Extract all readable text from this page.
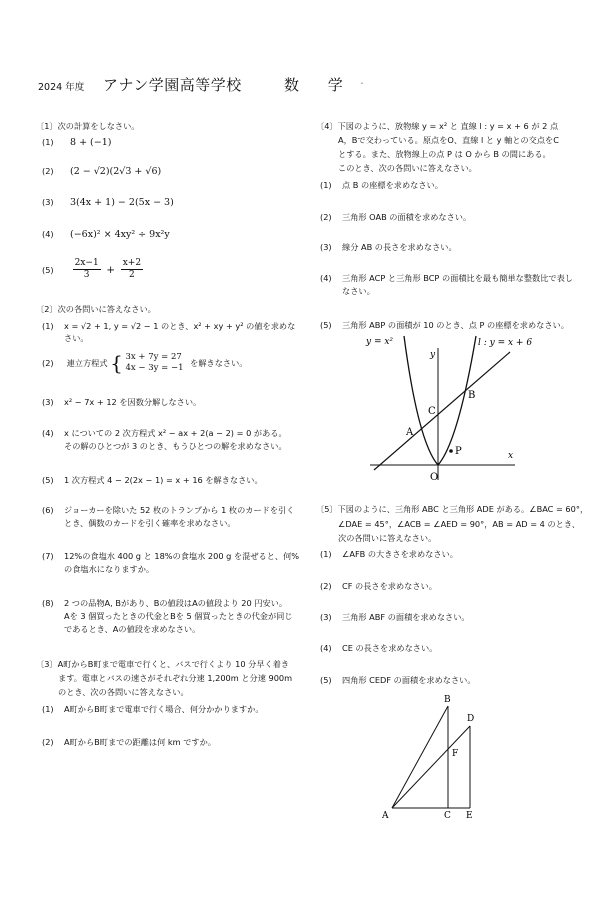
2024 年度 アナン学園高等学校	数 学 ・
〔1〕次の計算をしなさい。
(1) 8 + (−1)
(2) (2 − √2)(2√3 + √6)
(3) 3(4x + 1) − 2(5x − 3)
(4) (−6x)² × 4xy² ÷ 9x²y
$(5) \frac{2x-1}{3} + \frac{x+2}{2}$
〔2〕次の各問いに答えなさい。
(1) x = √2 + 1, y = √2 − 1 のとき、x² + xy + y² の値を求めな
さい。
(2) 連立方程式 { 3x + 7y = 27
4x − 3y = −1 を解きなさい。
(3) x² − 7x + 12 を因数分解しなさい。
(4) x についての 2 次方程式 x² − ax + 2(a − 2) = 0 がある。
その解のひとつが 3 のとき、もうひとつの解を求めなさい。
(5) 1 次方程式 4 − 2(2x − 1) = x + 16 を解きなさい。
(6) ジョーカーを除いた 52 枚のトランプから 1 枚のカードを引く
とき、偶数のカードを引く確率を求めなさい。
(7) 12%の食塩水 400 g と 18%の食塩水 200 g を混ぜると、何%
の食塩水になりますか。
(8) 2 つの品物A, Bがあり、Bの値段はAの値段より 20 円安い。
Aを 3 個買ったときの代金とBを 5 個買ったときの代金が同じ
であるとき、Aの値段を求めなさい。
〔3〕A町からB町まで電車で行くと、バスで行くより 10 分早く着き
ます。電車とバスの速さがそれぞれ分速 1,200m と分速 900m
のとき、次の各問いに答えなさい。
(1) A町からB町まで電車で行く場合、何分かかりますか。
(2) A町からB町までの距離は何 km ですか。
〔4〕下図のように、放物線 y = x² と 直線 l : y = x + 6 が 2 点
A，Bで交わっている。原点をO、直線 l と y 軸との交点をC
とする。また、放物線上の点 P は O から B の間にある。
このとき、次の各問いに答えなさい。
(1) 点 B の座標を求めなさい。
(2) 三角形 OAB の面積を求めなさい。
(3) 線分 AB の長さを求めなさい。
(4) 三角形 ACP と三角形 BCP の面積比を最も簡単な整数比で表し
なさい。
(5) 三角形 ABP の面積が 10 のとき、点 P の座標を求めなさい。
〔5〕下図のように、三角形 ABC と三角形 ADE がある。∠BAC = 60°，
∠DAE = 45°，∠ACB = ∠AED = 90°，AB = AD = 4 のとき、
次の各問いに答えなさい。
(1) ∠AFB の大きさを求めなさい。
(2) CF の長さを求めなさい。
(3) 三角形 ABF の面積を求めなさい。
(4) CE の長さを求めなさい。
(5) 四角形 CEDF の面積を求めなさい。
y = x²	l : y = x + 6
y
x
B
C
A
P
O
A
B
C
D
E
F
